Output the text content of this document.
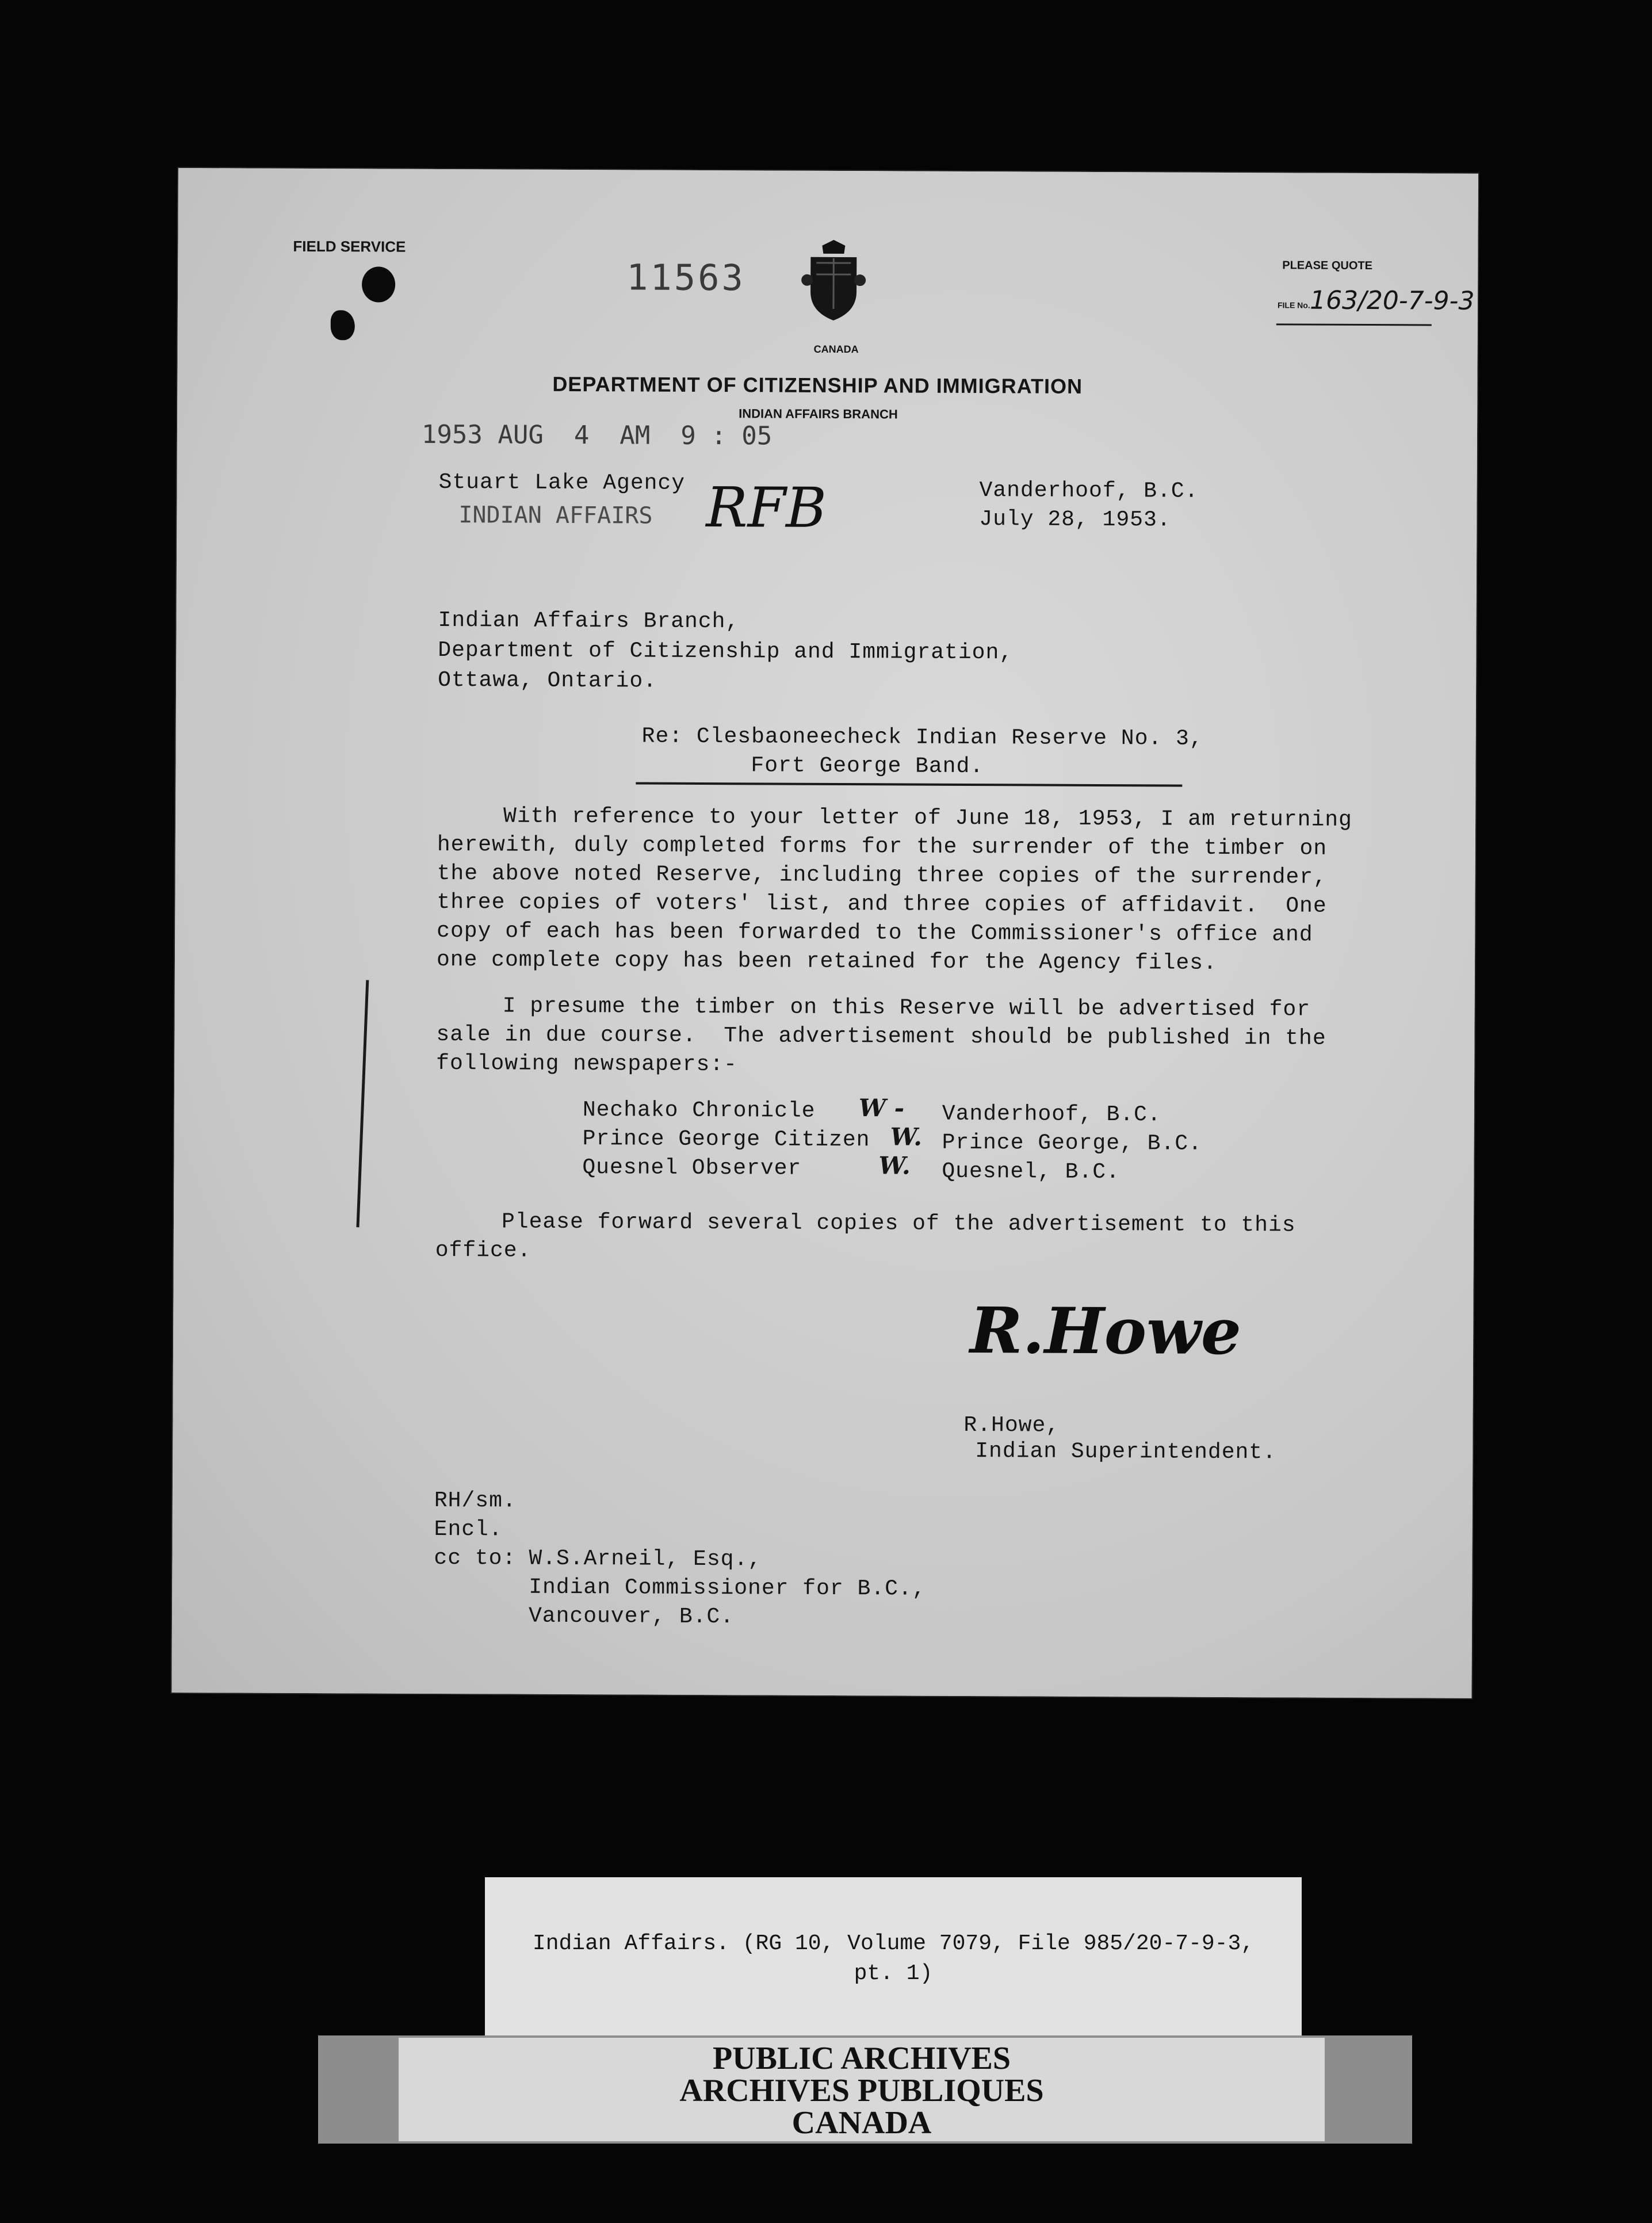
FIELD SERVICE
11563
CANADA
PLEASE QUOTE
FILE No. 163/20-7-9-3
DEPARTMENT OF CITIZENSHIP AND IMMIGRATION
INDIAN AFFAIRS BRANCH
1953 AUG  4  AM  9 : 05
Stuart Lake Agency
INDIAN AFFAIRS RFB	Vanderhoof, B.C.
July 28, 1953.
Indian Affairs Branch,
Department of Citizenship and Immigration,
Ottawa, Ontario.
Re: Clesbaoneecheck Indian Reserve No. 3,
Fort George Band.
With reference to your letter of June 18, 1953, I am returning
herewith, duly completed forms for the surrender of the timber on
the above noted Reserve, including three copies of the surrender,
three copies of voters' list, and three copies of affidavit.  One
copy of each has been forwarded to the Commissioner's office and
one complete copy has been retained for the Agency files.
I presume the timber on this Reserve will be advertised for
sale in due course.  The advertisement should be published in the
following newspapers:-
Nechako Chronicle W - Vanderhoof, B.C.
Prince George Citizen W. Prince George, B.C.
Quesnel Observer	W. Quesnel, B.C.
Please forward several copies of the advertisement to this
office.
R.Howe
R.Howe,
Indian Superintendent.
RH/sm.
Encl.
cc to: W.S.Arneil, Esq.,
Indian Commissioner for B.C.,
Vancouver, B.C.
Indian Affairs. (RG 10, Volume 7079, File 985/20-7-9-3,
pt. 1)
PUBLIC ARCHIVES
ARCHIVES PUBLIQUES
CANADA
